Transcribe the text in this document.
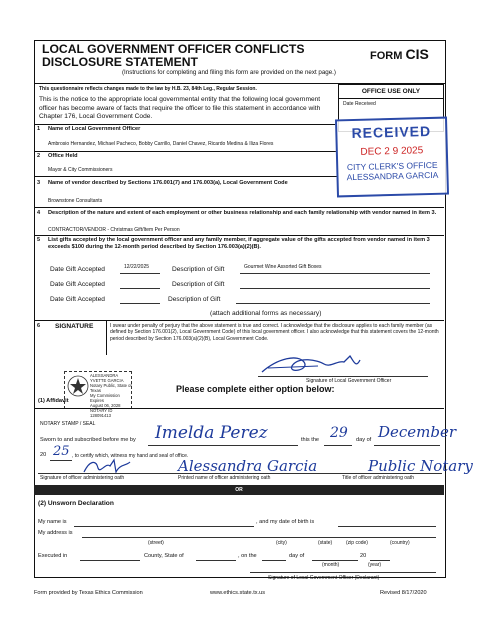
LOCAL GOVERNMENT OFFICER CONFLICTS
DISCLOSURE STATEMENT
(Instructions for completing and filing this form are provided on the next page.)
FORM CIS
This questionnaire reflects changes made to the law by H.B. 23, 84th Leg., Regular Session.
This is the notice to the appropriate local governmental entity that the following local government officer has become aware of facts that require the officer to file this statement in accordance with Chapter 176, Local Government Code.
OFFICE USE ONLY
Date Received
1 Name of Local Government Officer
Ambrosio Hernandez, Michael Pacheco, Bobby Carrillo, Daniel Chavez, Ricardo Medina & Iliza Flores
2 Office Held
Mayor & City Commissioners
RECEIVED
DEC 2 9 2025
CITY CLERK'S OFFICE
ALESSANDRA GARCIA
3 Name of vendor described by Sections 176.001(7) and 176.003(a), Local Government Code
Brownstone Consultants
4 Description of the nature and extent of each employment or other business relationship and each family relationship with vendor named in item 3.
CONTRACTOR/VENDOR - Christmas Gift/Item Per Person
5 List gifts accepted by the local government officer and any family member, if aggregate value of the gifts accepted from vendor named in item 3 exceeds $100 during the 12-month period described by Section 176.003(a)(2)(B).
Date Gift Accepted	12/22/2025	Description of Gift	Gourmet Wine Assorted Gift Boxes
Date Gift Accepted	Description of Gift
Date Gift Accepted	Description of Gift
(attach additional forms as necessary)
6 SIGNATURE	I swear under penalty of perjury that the above statement is true and correct. I acknowledge that the disclosure applies to each family member (as defined by Section 176.001(2), Local Government Code) of this local government officer. I also acknowledge that this statement covers the 12-month period described by Section 176.003(a)(2)(B), Local Government Code.
Signature of Local Government Officer
ALESSANDRA YVETTE GARCIA
Notary Public, State of Texas
My Commission Expires
August 06, 2028
NOTARY ID 128091413
(1) Affidavit
Please complete either option below:
NOTARY STAMP / SEAL
Sworn to and subscribed before me by Imelda Perez	this the 29 day of December
20 25 , to certify which, witness my hand and seal of office.
Alessandra Garcia	Public Notary
Signature of officer administering oath	Printed name of officer administering oath	Title of officer administering oath
OR
(2) Unsworn Declaration
My name is	, and my date of birth is
My address is
(street)	(city)	(state)	(zip code)	(country)
Executed in	County, State of	, on the	day of	20
(month)	(year)
Signature of Local Government Officer (Declarant)
Form provided by Texas Ethics Commission	www.ethics.state.tx.us	Revised 8/17/2020
